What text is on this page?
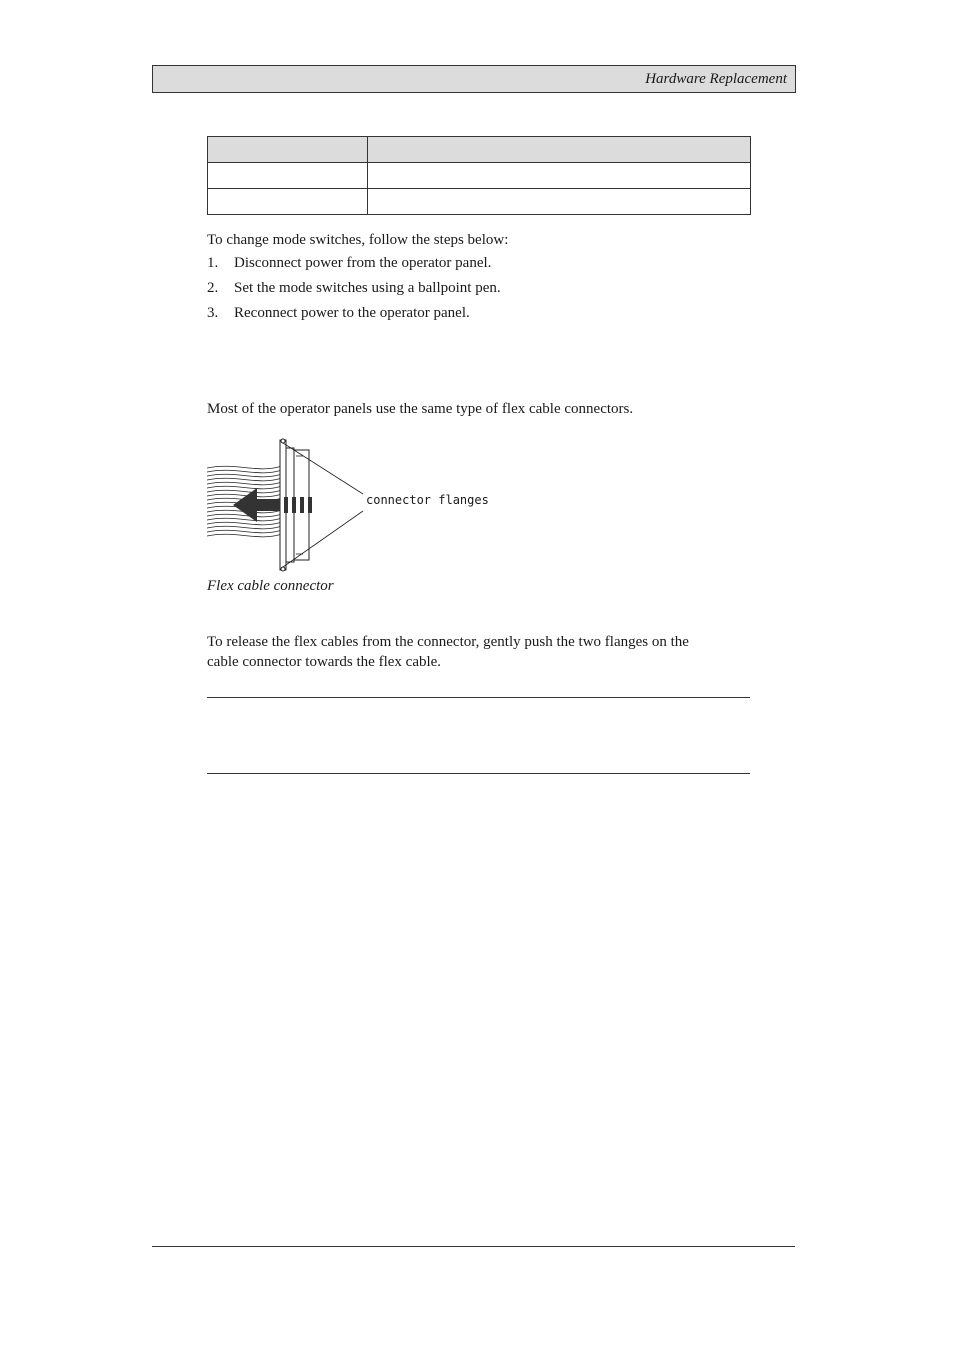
Hardware Replacement

To change mode switches, follow the steps below:
1. Disconnect power from the operator panel.
2. Set the mode switches using a ballpoint pen.
3. Reconnect power to the operator panel.
Most of the operator panels use the same type of flex cable connectors.
connector flanges
Flex cable connector
To release the flex cables from the connector, gently push the two flanges on the
cable connector towards the flex cable.
